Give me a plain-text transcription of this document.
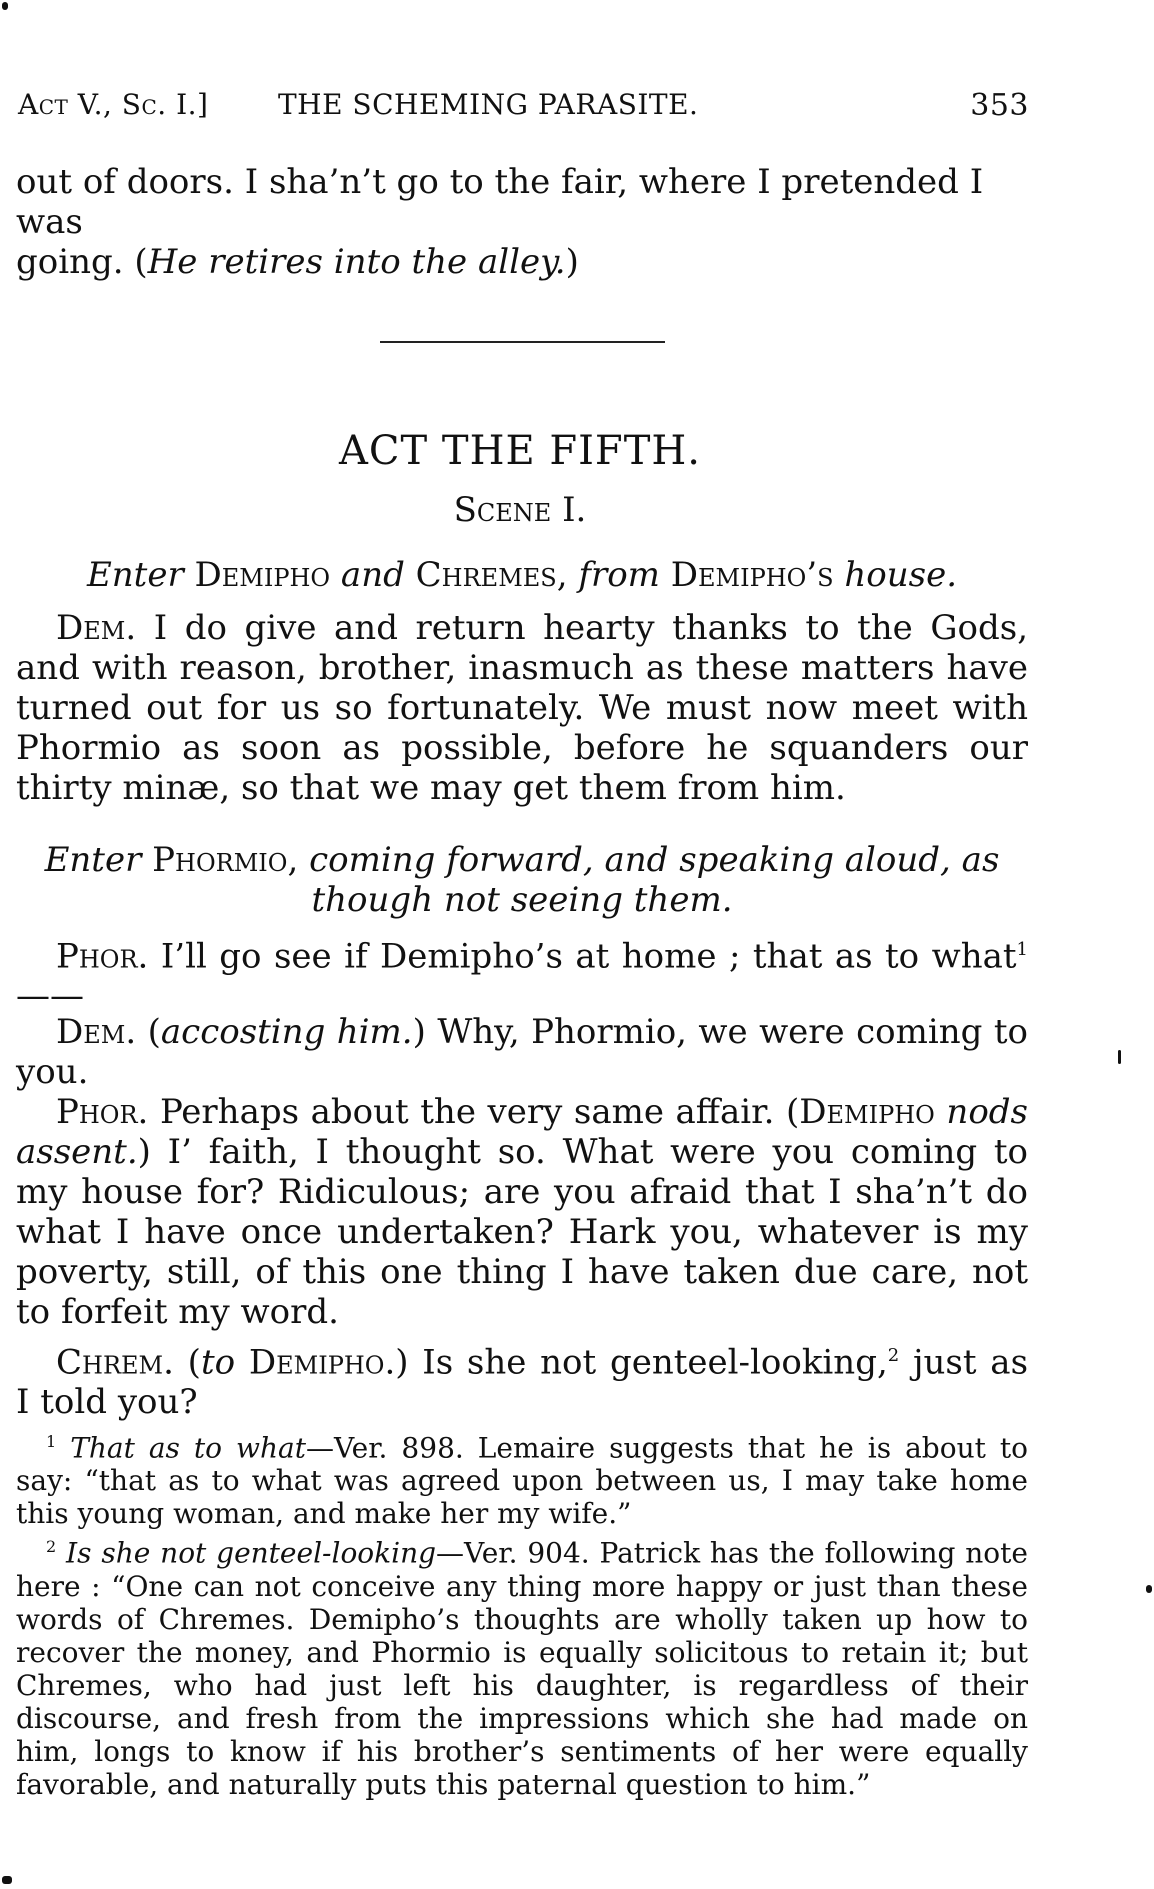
Act V., Sc. I.] THE SCHEMING PARASITE.	353

out of doors. I sha’n’t go to the fair, where I pretended I was

going. (He retires into the alley.)

ACT THE FIFTH.
Scene I.
Enter Demipho and Chremes, from Demipho’s house.
Dem. I do give and return hearty thanks to the Gods, and with reason, brother, inasmuch as these matters have turned out for us so fortunately. We must now meet with Phormio as soon as possible, before he squanders our thirty minæ, so that we may get them from him.
Enter Phormio, coming forward, and speaking aloud, as though not seeing them.
Phor. I’ll go see if Demipho’s at home ; that as to what$^1$——
Dem. (accosting him.) Why, Phormio, we were coming to you.
Phor. Perhaps about the very same affair. (Demipho nods assent.) I’ faith, I thought so. What were you coming to my house for? Ridiculous; are you afraid that I sha’n’t do what I have once undertaken? Hark you, whatever is my poverty, still, of this one thing I have taken due care, not to forfeit my word.
Chrem. (to Demipho.) Is she not genteel-looking,$^2$ just as I told you?

$^1$ That as to what—Ver. 898. Lemaire suggests that he is about to say: “that as to what was agreed upon between us, I may take home this young woman, and make her my wife.”

$^2$ Is she not genteel-looking—Ver. 904. Patrick has the following note here : “One can not conceive any thing more happy or just than these words of Chremes. Demipho’s thoughts are wholly taken up how to recover the money, and Phormio is equally solicitous to retain it; but Chremes, who had just left his daughter, is regardless of their discourse, and fresh from the impressions which she had made on him, longs to know if his brother’s sentiments of her were equally favorable, and naturally puts this paternal question to him.”
